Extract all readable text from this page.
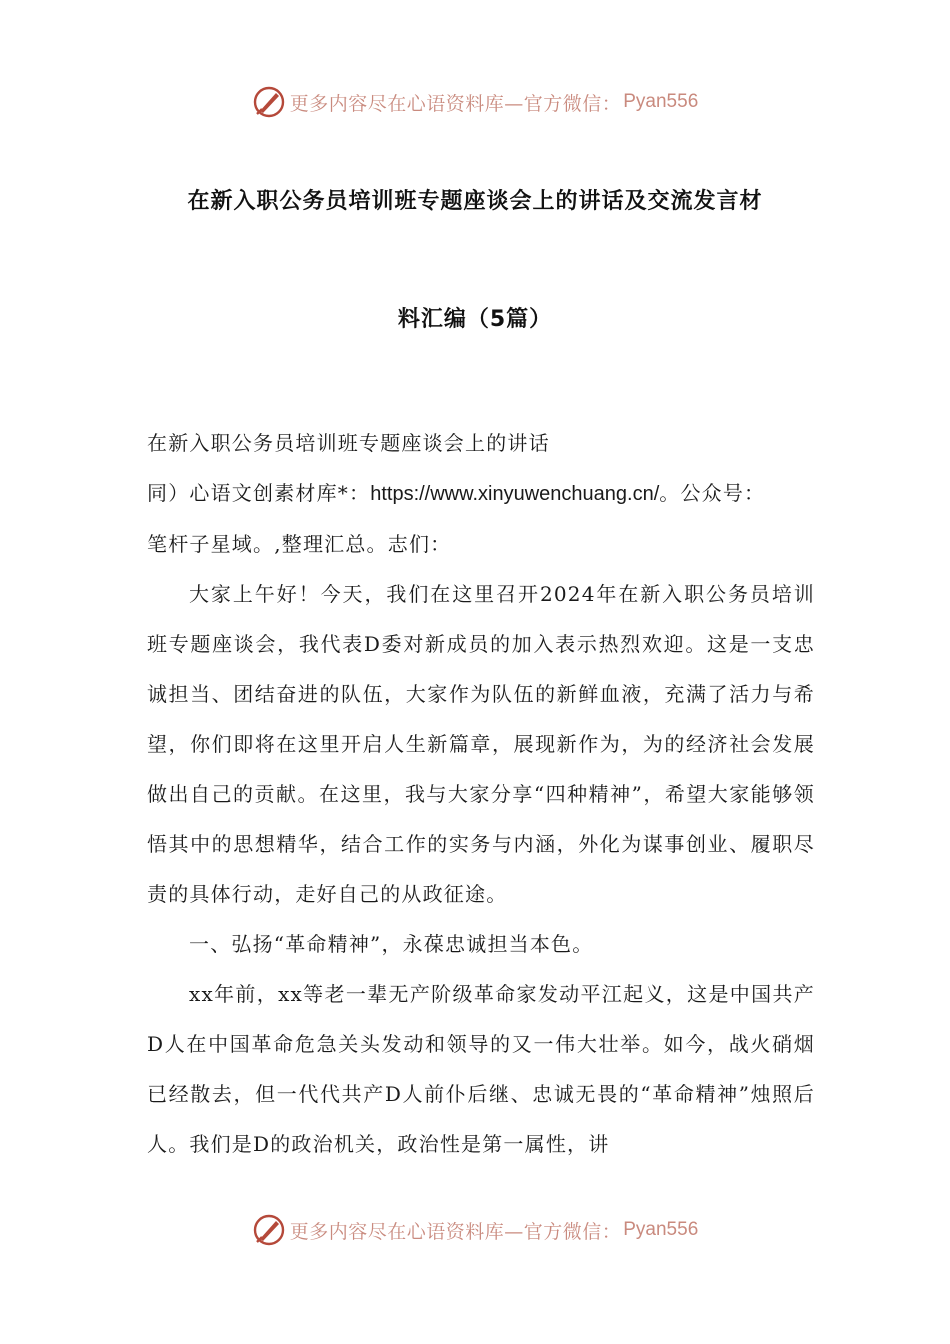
更多内容尽在心语资料库—官方微信： Pyan556
在新入职公务员培训班专题座谈会上的讲话及交流发言材
料汇编（5篇）

在新入职公务员培训班专题座谈会上的讲话

同）心语文创素材库*：https://www.xinyuwenchuang.cn/。公众号：

笔杆子星域。,整理汇总。志们：

大家上午好！今天，我们在这里召开2024年在新入职公务员培训班专题座谈会，我代表D委对新成员的加入表示热烈欢迎。这是一支忠诚担当、团结奋进的队伍，大家作为队伍的新鲜血液，充满了活力与希望，你们即将在这里开启人生新篇章，展现新作为，为的经济社会发展做出自己的贡献。在这里，我与大家分享“四种精神”，希望大家能够领悟其中的思想精华，结合工作的实务与内涵，外化为谋事创业、履职尽责的具体行动，走好自己的从政征途。

一、弘扬“革命精神”，永葆忠诚担当本色。

xx年前，xx等老一辈无产阶级革命家发动平江起义，这是中国共产D人在中国革命危急关头发动和领导的又一伟大壮举。如今，战火硝烟已经散去，但一代代共产D人前仆后继、忠诚无畏的“革命精神”烛照后人。我们是D的政治机关，政治性是第一属性，讲

更多内容尽在心语资料库—官方微信： Pyan556
